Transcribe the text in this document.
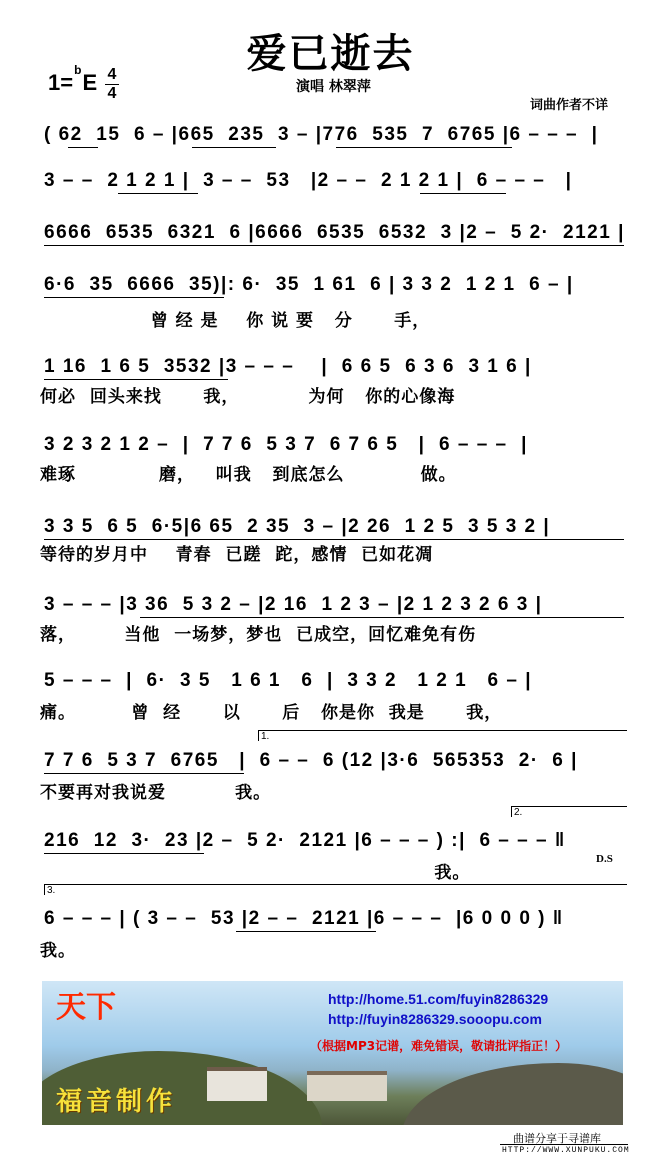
爱已逝去
1=$^b$E 4
4	演唱 林翠萍
词曲作者不详
( 62  15  6 – |665  235  3 – |776  535  7  6765 |6 – – –  |
3 – –  2 1 2 1 |  3 – –  53   |2 – –  2 1 2 1 |  6 – – –   |
6666  6535  6321  6 |6666  6535  6532  3 |2 –  5 2·  2121 |
6·6  35  6666  35)|: 6·  35  1 61  6 | 3 3 2  1 2 1  6 – |
曾 经 是    你 说 要   分      手，
1 16  1 6 5  3532 |3 – – –    |  6 6 5  6 3 6  3 1 6 |
何必  回头来找      我，          为何   你的心像海
3 2 3 2 1 2 –  |  7 7 6  5 3 7  6 7 6 5   |  6 – – –  |
难琢            磨，   叫我   到底怎么           做。
3 3 5  6 5  6·5|6 65  2 35  3 – |2 26  1 2 5  3 5 3 2 |
等待的岁月中    青春  已蹉  跎，感情  已如花凋
3 – – – |3 36  5 3 2 – |2 16  1 2 3 – |2 1 2 3 2 6 3 |
落，       当他  一场梦，梦也  已成空，回忆难免有伤
5 – – –  |  6·  3 5   1 6 1   6  |  3 3 2   1 2 1   6 – |
痛。        曾  经      以      后   你是你  我是      我，
1.
7 7 6  5 3 7  6765   |  6 – –  6 (12 |3·6  565353  2·  6 |
不要再对我说爱          我。
2.
216  12  3·  23 |2 –  5 2·  2121 |6 – – – ) :|  6 – – – ‖
D.S
我。
3.
6 – – – | ( 3 – –  53 |2 – –  2121 |6 – – –  |6 0 0 0 ) ‖
我。
天下
福音制作
http://home.51.com/fuyin8286329
http://fuyin8286329.sooopu.com
（根据MP3记谱，难免错误，敬请批评指正！）
曲谱分享于寻谱库
HTTP://WWW.XUNPUKU.COM
